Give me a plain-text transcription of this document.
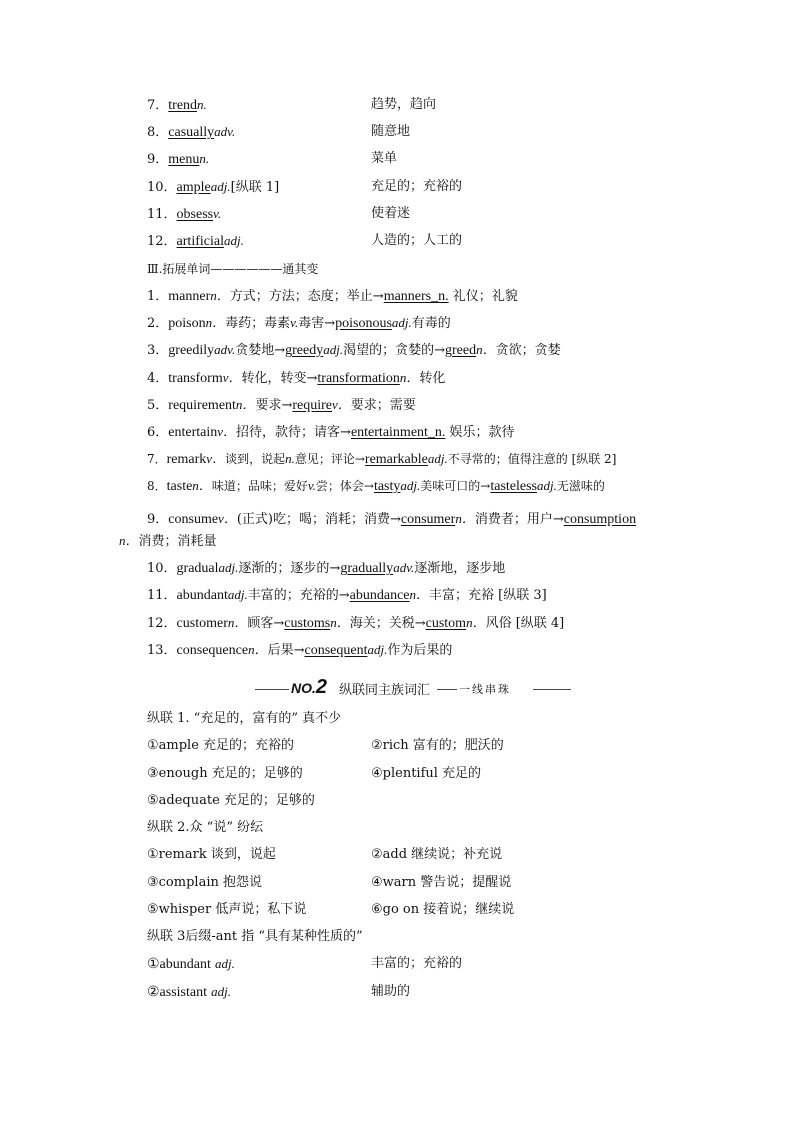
7．trendn.	趋势，趋向
8．casuallyadv.	随意地
9．menun.	菜单
10．ampleadj.[纵联 1]	充足的；充裕的
11．obsessv.	使着迷
12．artificialadj.	人造的；人工的
Ⅲ.拓展单词——————通其变
1．mannern．方式；方法；态度；举止→manners_n. 礼仪；礼貌
2．poisonn．毒药；毒素v.毒害→poisonousadj.有毒的
3．greedilyadv.贪婪地→greedyadj.渴望的；贪婪的→greedn．贪欲；贪婪
4．transformv．转化，转变→transformationn．转化
5．requirementn．要求→requirev．要求；需要
6．entertainv．招待，款待；请客→entertainment_n. 娱乐；款待
7．remarkv．谈到，说起n.意见；评论→remarkableadj.不寻常的；值得注意的 [纵联 2]
8．tasten．味道；品味；爱好v.尝；体会→tastyadj.美味可口的→tastelessadj.无滋味的
9．consumev．(正式)吃；喝；消耗；消费→consumern．消费者；用户→consumption
n．消费；消耗量
10．gradualadj.逐渐的；逐步的→graduallyadv.逐渐地，逐步地
11．abundantadj.丰富的；充裕的→abundancen．丰富；充裕 [纵联 3]
12．customern．顾客→customsn．海关；关税→customn．风俗 [纵联 4]
13．consequencen．后果→consequentadj.作为后果的
NO.2 纵联同主族词汇	一线串珠
纵联 1. “充足的，富有的” 真不少
①ample 充足的；充裕的	②rich 富有的；肥沃的
③enough 充足的；足够的	④plentiful 充足的
⑤adequate 充足的；足够的
纵联 2.众 “说” 纷纭
①remark 谈到，说起	②add 继续说；补充说
③complain 抱怨说	④warn 警告说；提醒说
⑤whisper 低声说；私下说	⑥go on 接着说；继续说
纵联 3后缀-ant 指 “具有某种性质的”
①abundant adj.	丰富的；充裕的
②assistant adj.	辅助的
